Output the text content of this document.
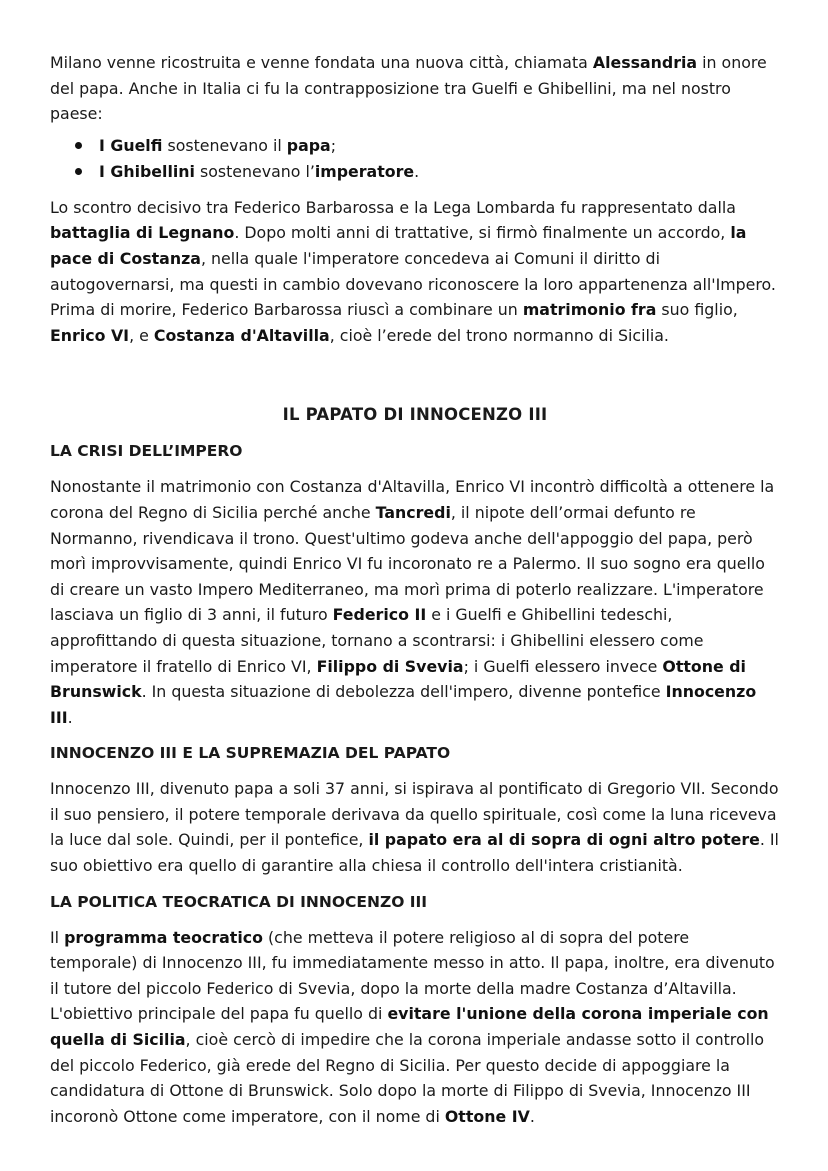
Milano venne ricostruita e venne fondata una nuova città, chiamata Alessandria in onore del papa. Anche in Italia ci fu la contrapposizione tra Guelfi e Ghibellini, ma nel nostro paese:

I Guelfi sostenevano il papa;
I Ghibellini sostenevano l’imperatore.

Lo scontro decisivo tra Federico Barbarossa e la Lega Lombarda fu rappresentato dalla battaglia di Legnano. Dopo molti anni di trattative, si firmò finalmente un accordo, la pace di Costanza, nella quale l'imperatore concedeva ai Comuni il diritto di autogovernarsi, ma questi in cambio dovevano riconoscere la loro appartenenza all'Impero. Prima di morire, Federico Barbarossa riuscì a combinare un matrimonio fra suo figlio, Enrico VI, e Costanza d'Altavilla, cioè l’erede del trono normanno di Sicilia.

IL PAPATO DI INNOCENZO III
LA CRISI DELL’IMPERO

Nonostante il matrimonio con Costanza d'Altavilla, Enrico VI incontrò difficoltà a ottenere la corona del Regno di Sicilia perché anche Tancredi, il nipote dell’ormai defunto re Normanno, rivendicava il trono. Quest'ultimo godeva anche dell'appoggio del papa, però morì improvvisamente, quindi Enrico VI fu incoronato re a Palermo. Il suo sogno era quello di creare un vasto Impero Mediterraneo, ma morì prima di poterlo realizzare. L'imperatore lasciava un figlio di 3 anni, il futuro Federico II e i Guelfi e Ghibellini tedeschi, approfittando di questa situazione, tornano a scontrarsi: i Ghibellini elessero come imperatore il fratello di Enrico VI, Filippo di Svevia; i Guelfi elessero invece Ottone di Brunswick. In questa situazione di debolezza dell'impero, divenne pontefice Innocenzo III.

INNOCENZO III E LA SUPREMAZIA DEL PAPATO

Innocenzo III, divenuto papa a soli 37 anni, si ispirava al pontificato di Gregorio VII. Secondo il suo pensiero, il potere temporale derivava da quello spirituale, così come la luna riceveva la luce dal sole. Quindi, per il pontefice, il papato era al di sopra di ogni altro potere. Il suo obiettivo era quello di garantire alla chiesa il controllo dell'intera cristianità.

LA POLITICA TEOCRATICA DI INNOCENZO III

Il programma teocratico (che metteva il potere religioso al di sopra del potere temporale) di Innocenzo III, fu immediatamente messo in atto. Il papa, inoltre, era divenuto il tutore del piccolo Federico di Svevia, dopo la morte della madre Costanza d’Altavilla. L'obiettivo principale del papa fu quello di evitare l'unione della corona imperiale con quella di Sicilia, cioè cercò di impedire che la corona imperiale andasse sotto il controllo del piccolo Federico, già erede del Regno di Sicilia. Per questo decide di appoggiare la candidatura di Ottone di Brunswick. Solo dopo la morte di Filippo di Svevia, Innocenzo III incoronò Ottone come imperatore, con il nome di Ottone IV.
